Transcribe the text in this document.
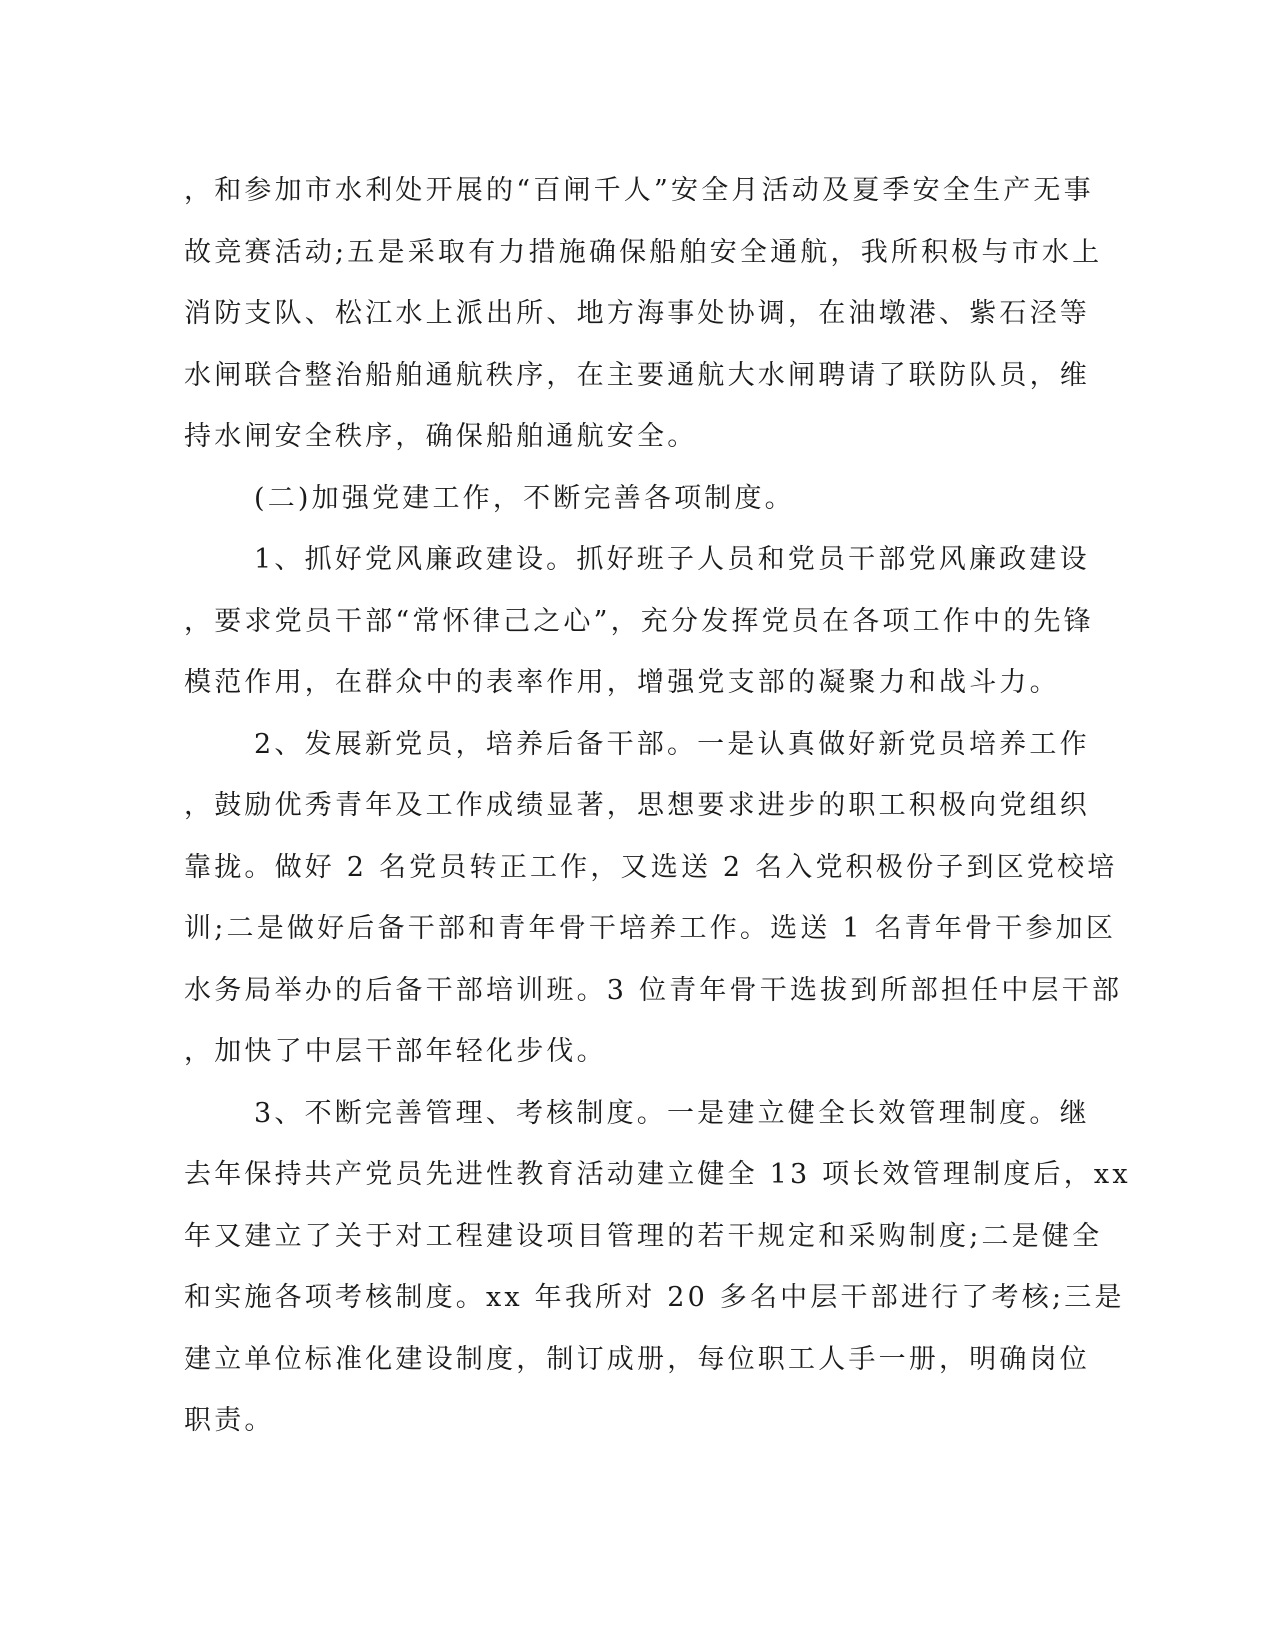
，和参加市水利处开展的“百闸千人”安全月活动及夏季安全生产无事
故竞赛活动;五是采取有力措施确保船舶安全通航，我所积极与市水上
消防支队、松江水上派出所、地方海事处协调，在油墩港、紫石泾等
水闸联合整治船舶通航秩序，在主要通航大水闸聘请了联防队员，维
持水闸安全秩序，确保船舶通航安全。
(二)加强党建工作，不断完善各项制度。
1、抓好党风廉政建设。抓好班子人员和党员干部党风廉政建设
，要求党员干部“常怀律己之心”，充分发挥党员在各项工作中的先锋
模范作用，在群众中的表率作用，增强党支部的凝聚力和战斗力。
2、发展新党员，培养后备干部。一是认真做好新党员培养工作
，鼓励优秀青年及工作成绩显著，思想要求进步的职工积极向党组织
靠拢。做好 2 名党员转正工作，又选送 2 名入党积极份子到区党校培
训;二是做好后备干部和青年骨干培养工作。选送 1 名青年骨干参加区
水务局举办的后备干部培训班。3 位青年骨干选拔到所部担任中层干部
，加快了中层干部年轻化步伐。
3、不断完善管理、考核制度。一是建立健全长效管理制度。继
去年保持共产党员先进性教育活动建立健全 13 项长效管理制度后，xx
年又建立了关于对工程建设项目管理的若干规定和采购制度;二是健全
和实施各项考核制度。xx 年我所对 20 多名中层干部进行了考核;三是
建立单位标准化建设制度，制订成册，每位职工人手一册，明确岗位
职责。
